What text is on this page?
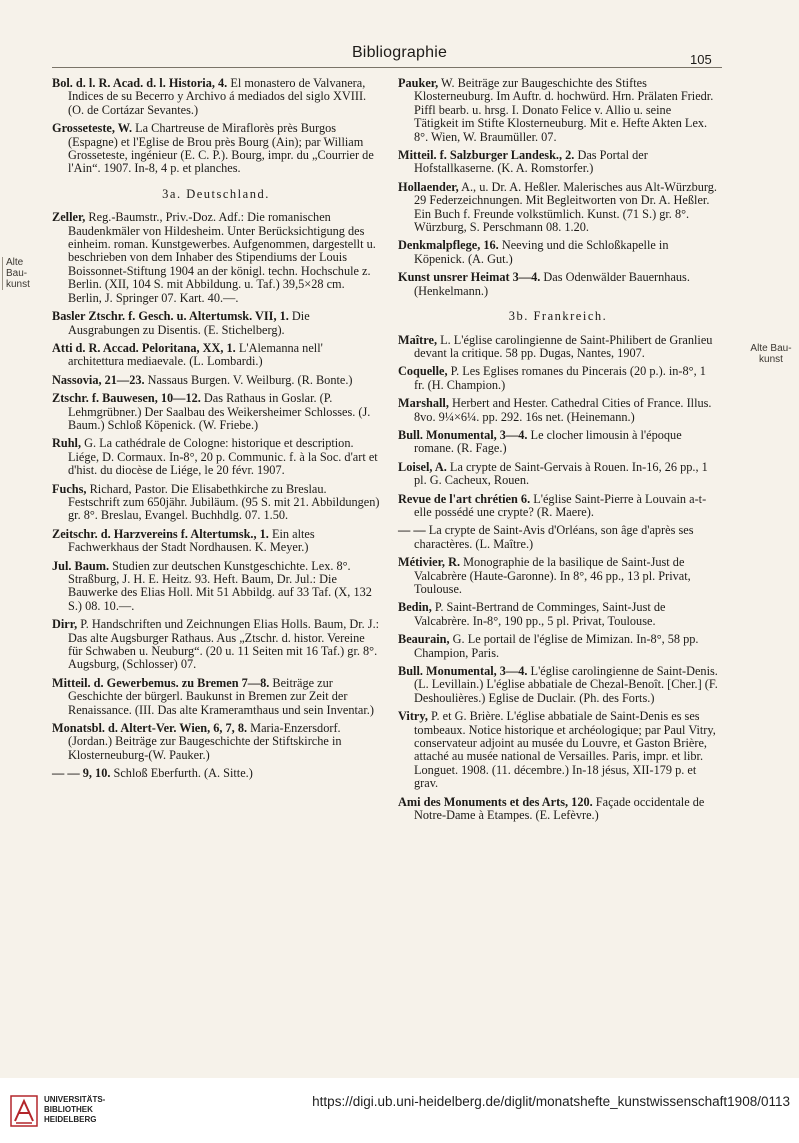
Bibliographie	105
Alte Bau-
kunst
Alte Bau-
kunst
Bol. d. l. R. Acad. d. l. Historia, 4. El monastero de Valvanera, Indices de su Becerro y Archivo á mediados del siglo XVIII. (O. de Cortázar Sevantes.)
Grosseteste, W. La Chartreuse de Miraflorès près Burgos (Espagne) et l'Eglise de Brou près Bourg (Ain); par William Grosseteste, ingénieur (E. C. P.). Bourg, impr. du „Courrier de l'Ain“. 1907. In-8, 4 p. et planches.
3a. Deutschland.
Zeller, Reg.-Baumstr., Priv.-Doz. Adf.: Die romanischen Baudenkmäler von Hildesheim. Unter Berücksichtigung des einheim. roman. Kunstgewerbes. Aufgenommen, dargestellt u. beschrieben von dem Inhaber des Stipendiums der Louis Boissonnet-Stiftung 1904 an der königl. techn. Hochschule z. Berlin. (XII, 104 S. mit Abbildung. u. Taf.) 39,5×28 cm. Berlin, J. Springer 07. Kart. 40.—.
Basler Ztschr. f. Gesch. u. Altertumsk. VII, 1. Die Ausgrabungen zu Disentis. (E. Stichelberg).
Atti d. R. Accad. Peloritana, XX, 1. L'Alemanna nell' architettura mediaevale. (L. Lombardi.)
Nassovia, 21—23. Nassaus Burgen. V. Weilburg. (R. Bonte.)
Ztschr. f. Bauwesen, 10—12. Das Rathaus in Goslar. (P. Lehmgrübner.) Der Saalbau des Weikersheimer Schlosses. (J. Baum.) Schloß Köpenick. (W. Friebe.)
Ruhl, G. La cathédrale de Cologne: historique et description. Liége, D. Cormaux. In-8°, 20 p. Communic. f. à la Soc. d'art et d'hist. du diocèse de Liége, le 20 févr. 1907.
Fuchs, Richard, Pastor. Die Elisabethkirche zu Breslau. Festschrift zum 650jähr. Jubiläum. (95 S. mit 21. Abbildungen) gr. 8°. Breslau, Evangel. Buchhdlg. 07. 1.50.
Zeitschr. d. Harzvereins f. Altertumsk., 1. Ein altes Fachwerkhaus der Stadt Nordhausen. K. Meyer.)
Jul. Baum. Studien zur deutschen Kunstgeschichte. Lex. 8°. Straßburg, J. H. E. Heitz. 93. Heft. Baum, Dr. Jul.: Die Bauwerke des Elias Holl. Mit 51 Abbildg. auf 33 Taf. (X, 132 S.) 08. 10.—.
Dirr, P. Handschriften und Zeichnungen Elias Holls. Baum, Dr. J.: Das alte Augsburger Rathaus. Aus „Ztschr. d. histor. Vereine für Schwaben u. Neuburg“. (20 u. 11 Seiten mit 16 Taf.) gr. 8°. Augsburg, (Schlosser) 07.
Mitteil. d. Gewerbemus. zu Bremen 7—8. Beiträge zur Geschichte der bürgerl. Baukunst in Bremen zur Zeit der Renaissance. (III. Das alte Krameramthaus und sein Inventar.)
Monatsbl. d. Altert-Ver. Wien, 6, 7, 8. Maria-Enzersdorf. (Jordan.) Beiträge zur Baugeschichte der Stiftskirche in Klosterneuburg-(W. Pauker.)
— — 9, 10. Schloß Eberfurth. (A. Sitte.)
Pauker, W. Beiträge zur Baugeschichte des Stiftes Klosterneuburg. Im Auftr. d. hochwürd. Hrn. Prälaten Friedr. Piffl bearb. u. hrsg. I. Donato Felice v. Allio u. seine Tätigkeit im Stifte Klosterneuburg. Mit e. Hefte Akten Lex. 8°. Wien, W. Braumüller. 07.
Mitteil. f. Salzburger Landesk., 2. Das Portal der Hofstallkaserne. (K. A. Romstorfer.)
Hollaender, A., u. Dr. A. Heßler. Malerisches aus Alt-Würzburg. 29 Federzeichnungen. Mit Begleitworten von Dr. A. Heßler. Ein Buch f. Freunde volkstümlich. Kunst. (71 S.) gr. 8°. Würzburg, S. Perschmann 08. 1.20.
Denkmalpflege, 16. Neeving und die Schloßkapelle in Köpenick. (A. Gut.)
Kunst unsrer Heimat 3—4. Das Odenwälder Bauernhaus. (Henkelmann.)
3b. Frankreich.
Maître, L. L'église carolingienne de Saint-Philibert de Granlieu devant la critique. 58 pp. Dugas, Nantes, 1907.
Coquelle, P. Les Eglises romanes du Pincerais (20 p.). in-8°, 1 fr. (H. Champion.)
Marshall, Herbert and Hester. Cathedral Cities of France. Illus. 8vo. 9¼×6¼. pp. 292. 16s net. (Heinemann.)
Bull. Monumental, 3—4. Le clocher limousin à l'époque romane. (R. Fage.)
Loisel, A. La crypte de Saint-Gervais à Rouen. In-16, 26 pp., 1 pl. G. Cacheux, Rouen.
Revue de l'art chrétien 6. L'église Saint-Pierre à Louvain a-t-elle possédé une crypte? (R. Maere).
— — La crypte de Saint-Avis d'Orléans, son âge d'après ses charactères. (L. Maître.)
Métivier, R. Monographie de la basilique de Saint-Just de Valcabrère (Haute-Garonne). In 8°, 46 pp., 13 pl. Privat, Toulouse.
Bedin, P. Saint-Bertrand de Comminges, Saint-Just de Valcabrère. In-8°, 190 pp., 5 pl. Privat, Toulouse.
Beaurain, G. Le portail de l'église de Mimizan. In-8°, 58 pp. Champion, Paris.
Bull. Monumental, 3—4. L'église carolingienne de Saint-Denis. (L. Levillain.) L'église abbatiale de Chezal-Benoît. [Cher.] (F. Deshoulières.) Eglise de Duclair. (Ph. des Forts.)
Vitry, P. et G. Brière. L'église abbatiale de Saint-Denis es ses tombeaux. Notice historique et archéologique; par Paul Vitry, conservateur adjoint au musée du Louvre, et Gaston Brière, attaché au musée national de Versailles. Paris, impr. et libr. Longuet. 1908. (11. décembre.) In-18 jésus, XII-179 p. et grav.
Ami des Monuments et des Arts, 120. Façade occidentale de Notre-Dame à Etampes. (E. Lefèvre.)
UNIVERSITÄTS-
BIBLIOTHEK
HEIDELBERG
https://digi.ub.uni-heidelberg.de/diglit/monatshefte_kunstwissenschaft1908/0113
